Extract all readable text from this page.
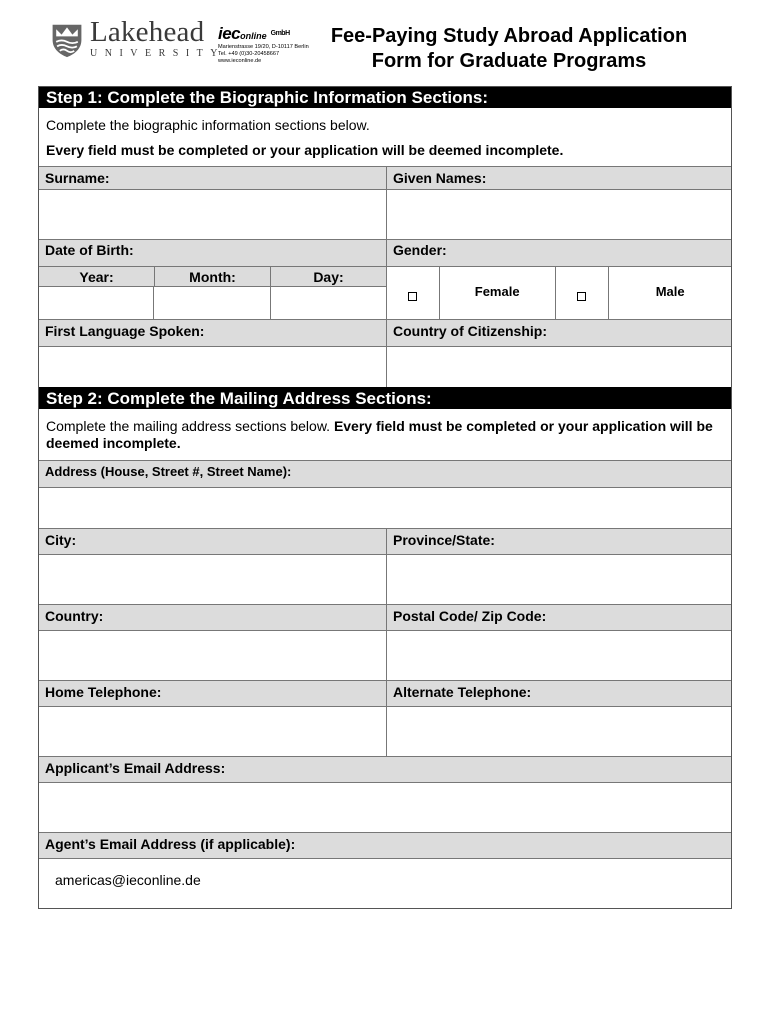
Lakehead
UNIVERSITY
ieconline $^{GmbH}$
Marienstrasse 19/20, D-10117 Berlin
Tel. +49 (0)30-20458667
www.ieconline.de
Fee-Paying Study Abroad Application
Form for Graduate Programs
Step 1: Complete the Biographic Information Sections:
Complete the biographic information sections below.
Every field must be completed or your application will be deemed incomplete.
Surname:	Given Names:
Date of Birth:	Gender:
Year:	Month:	Day:
Female	Male
First Language Spoken:	Country of Citizenship:
Step 2: Complete the Mailing Address Sections:
Complete the mailing address sections below. Every field must be completed or your application will be deemed incomplete.
Address (House, Street #, Street Name):
City:	Province/State:
Country:	Postal Code/ Zip Code:
Home Telephone:	Alternate Telephone:
Applicant’s Email Address:
Agent’s Email Address (if applicable):
americas@ieconline.de
